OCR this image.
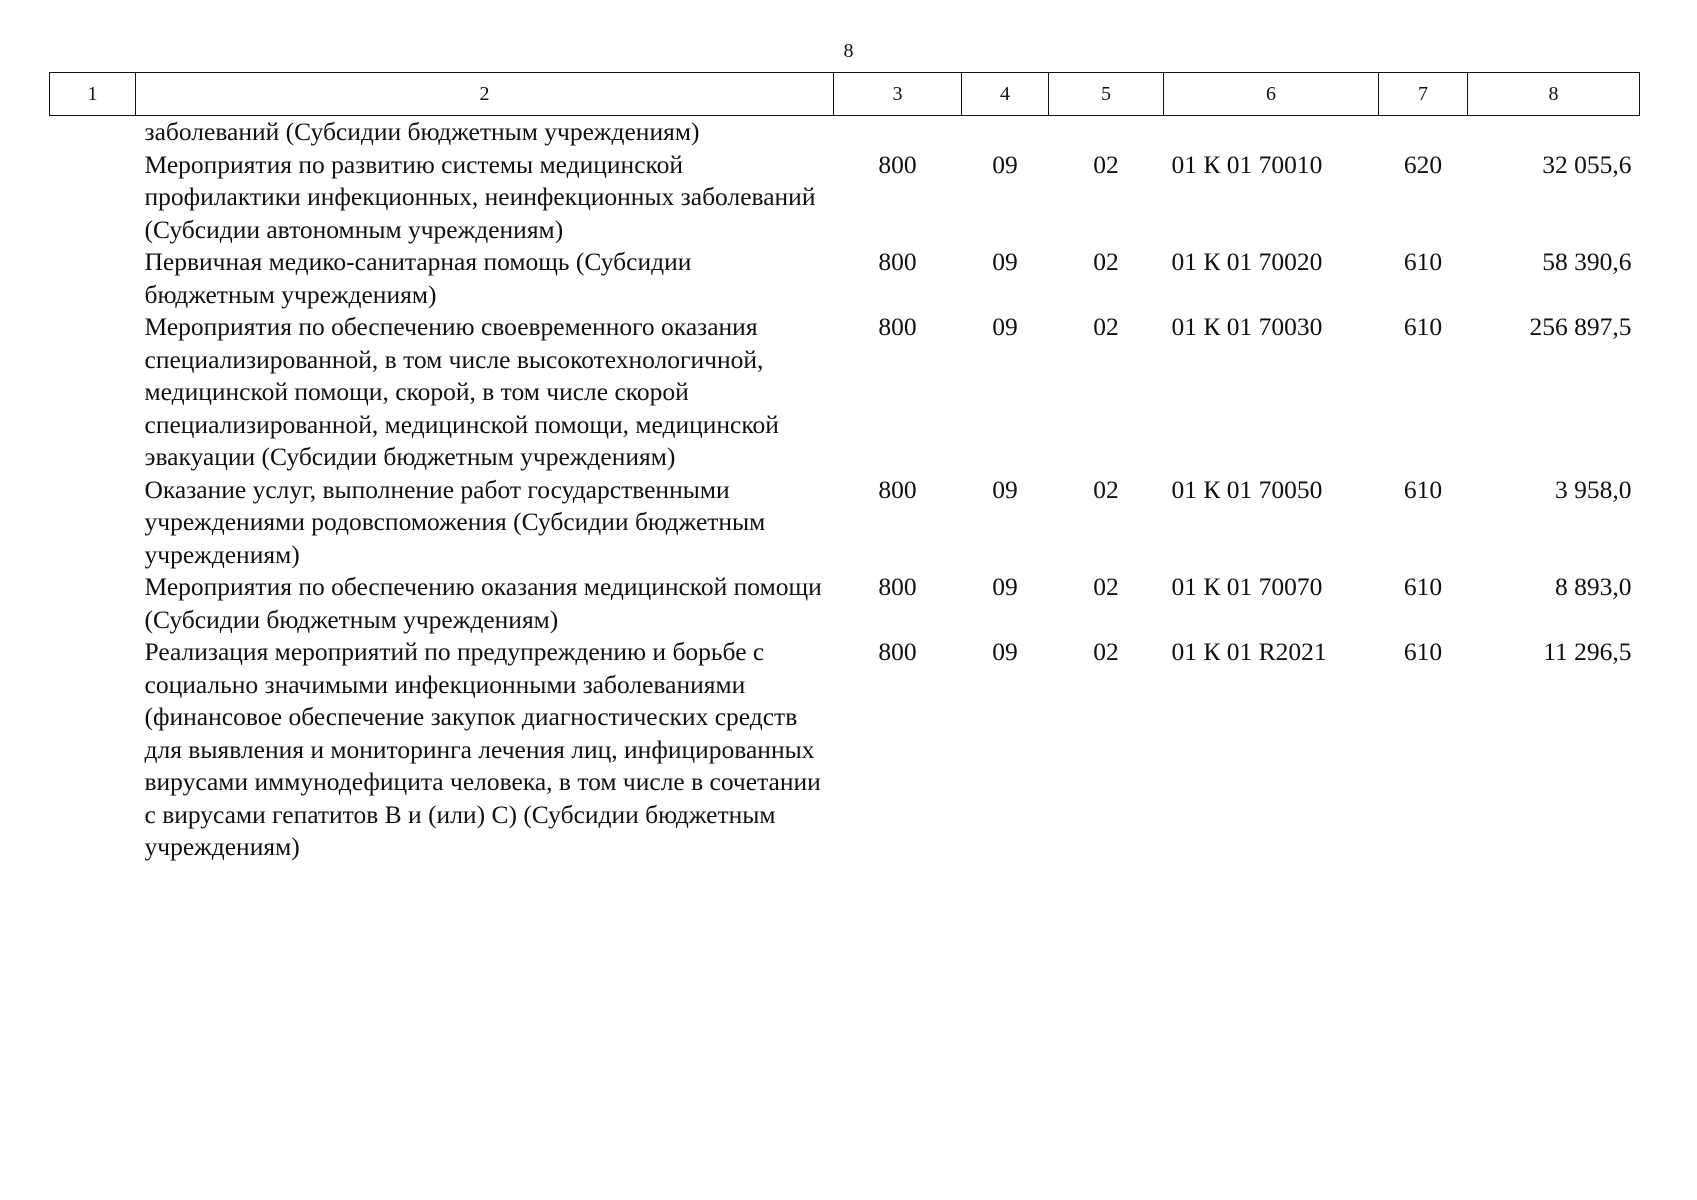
8
1	2	3	4	5	6	7	8
	заболеваний (Субсидии бюджетным учреждениям)						
	Мероприятия по развитию системы медицинской профилактики инфекционных, неинфекционных заболеваний (Субсидии автономным учреждениям)	800	09	02	01 К 01 70010	620	32 055,6
	Первичная медико-санитарная помощь (Субсидии бюджетным учреждениям)	800	09	02	01 К 01 70020	610	58 390,6
	Мероприятия по обеспечению своевременного оказания специализированной, в том числе высокотехнологичной, медицинской помощи, скорой, в том числе скорой специализированной, медицинской помощи, медицинской эвакуации (Субсидии бюджетным учреждениям)	800	09	02	01 К 01 70030	610	256 897,5
	Оказание услуг, выполнение работ государственными учреждениями родовспоможения (Субсидии бюджетным учреждениям)	800	09	02	01 К 01 70050	610	3 958,0
	Мероприятия по обеспечению оказания медицинской помощи (Субсидии бюджетным учреждениям)	800	09	02	01 К 01 70070	610	8 893,0
	Реализация мероприятий по предупреждению и борьбе с социально значимыми инфекционными заболеваниями (финансовое обеспечение закупок диагностических средств для выявления и мониторинга лечения лиц, инфицированных вирусами иммунодефицита человека, в том числе в сочетании с вирусами гепатитов В и (или) С) (Субсидии бюджетным учреждениям)	800	09	02	01 К 01 R2021	610	11 296,5
